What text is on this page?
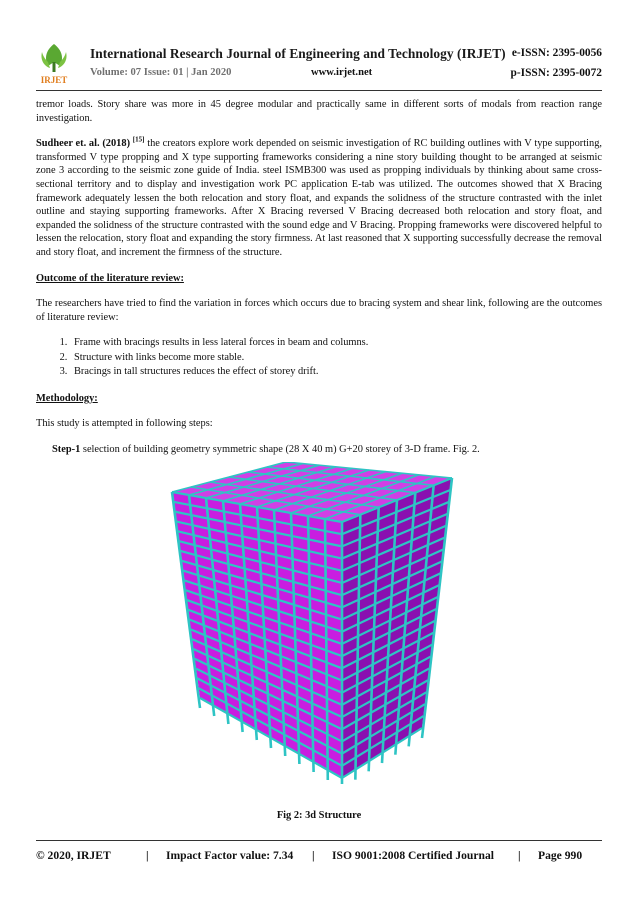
IRJET
International Research Journal of Engineering and Technology (IRJET) e-ISSN: 2395-0056
Volume: 07 Issue: 01 | Jan 2020	www.irjet.net	p-ISSN: 2395-0072

tremor loads. Story share was more in 45 degree modular and practically same in different sorts of modals from reaction range investigation.

Sudheer et. al. (2018) [15] the creators explore work depended on seismic investigation of RC building outlines with V type supporting, transformed V type propping and X type supporting frameworks considering a nine story building thought to be arranged at seismic zone 3 according to the seismic zone guide of India. steel ISMB300 was used as propping individuals by thinking about same cross-sectional territory and to display and investigation work PC application E-tab was utilized. The outcomes showed that X Bracing framework adequately lessen the both relocation and story float, and expands the solidness of the structure contrasted with the inlet outline and staying supporting frameworks. After X Bracing reversed V Bracing decreased both relocation and story float, and expanded the solidness of the structure contrasted with the sound edge and V Bracing. Propping frameworks were discovered helpful to lessen the relocation, story float and expanding the story firmness. At last reasoned that X supporting successfully decrease the removal and story float, and increment the firmness of the structure.

Outcome of the literature review:

The researchers have tried to find the variation in forces which occurs due to bracing system and shear link, following are the outcomes of literature review:

1. Frame with bracings results in less lateral forces in beam and columns.
2. Structure with links become more stable.
3. Bracings in tall structures reduces the effect of storey drift.

Methodology:

This study is attempted in following steps:

Step-1 selection of building geometry symmetric shape (28 X 40 m) G+20 storey of 3-D frame. Fig. 2.

Fig 2: 3d Structure
© 2020, IRJET	| Impact Factor value: 7.34 | ISO 9001:2008 Certified Journal | Page 990
